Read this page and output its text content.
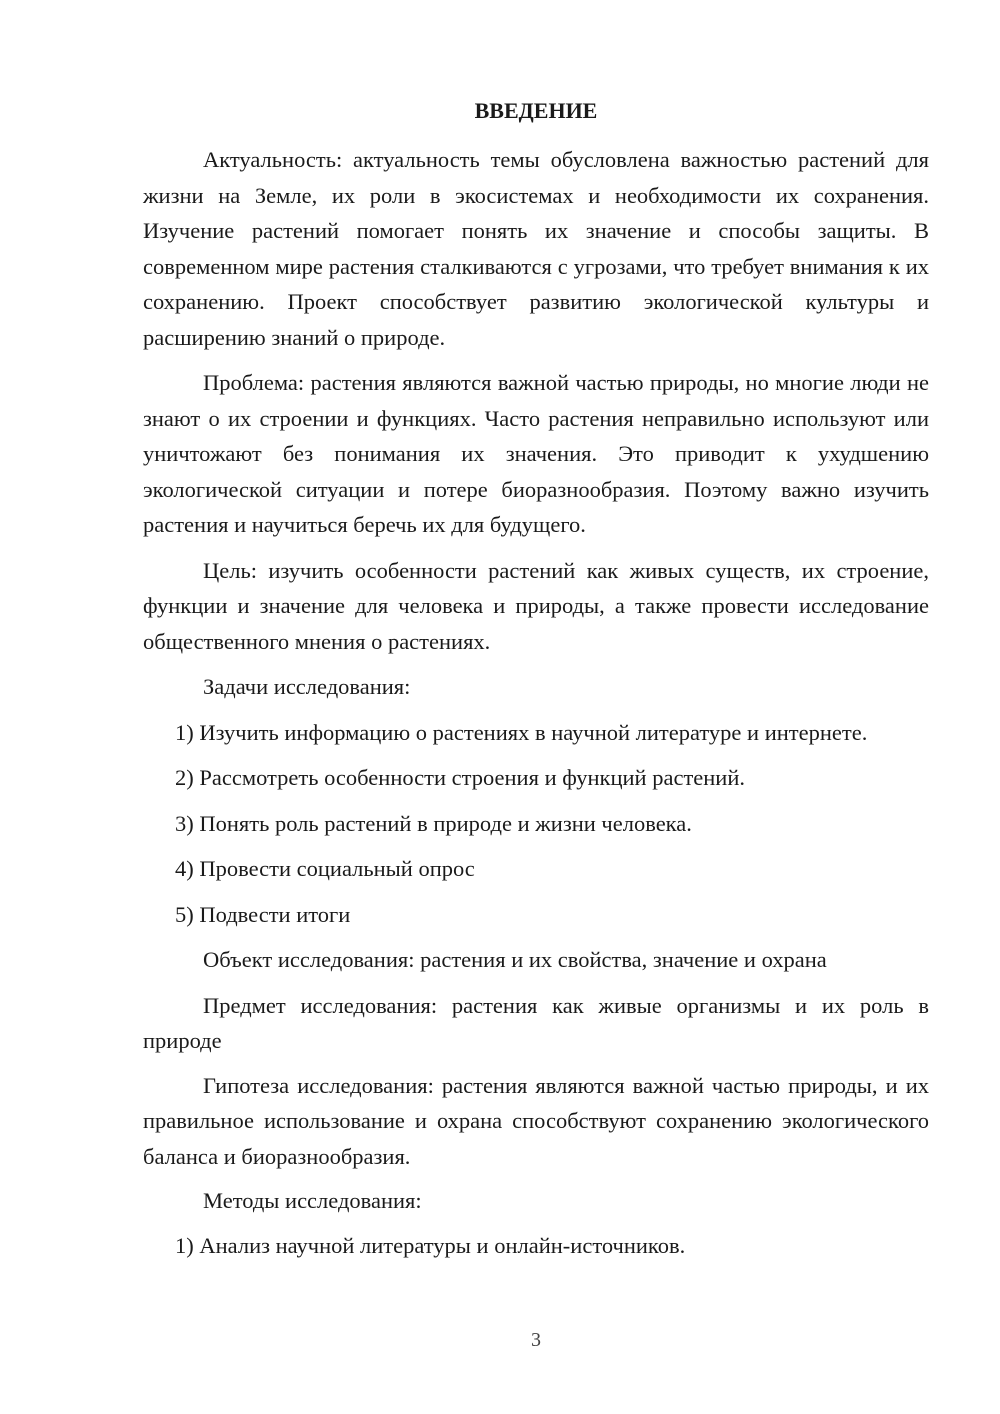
ВВЕДЕНИЕ

Актуальность: актуальность темы обусловлена важностью растений для жизни на Земле, их роли в экосистемах и необходимости их сохранения. Изучение растений помогает понять их значение и способы защиты. В современном мире растения сталкиваются с угрозами, что требует внимания к их сохранению. Проект способствует развитию экологической культуры и расширению знаний о природе.

Проблема: растения являются важной частью природы, но многие люди не знают о их строении и функциях. Часто растения неправильно используют или уничтожают без понимания их значения. Это приводит к ухудшению экологической ситуации и потере биоразнообразия. Поэтому важно изучить растения и научиться беречь их для будущего.

Цель: изучить особенности растений как живых существ, их строение, функции и значение для человека и природы, а также провести исследование общественного мнения о растениях.

Задачи исследования:

1) Изучить информацию о растениях в научной литературе и интернете.

2) Рассмотреть особенности строения и функций растений.

3) Понять роль растений в природе и жизни человека.

4) Провести социальный опрос

5) Подвести итоги

Объект исследования: растения и их свойства, значение и охрана

Предмет исследования: растения как живые организмы и их роль в природе

Гипотеза исследования: растения являются важной частью природы, и их правильное использование и охрана способствуют сохранению экологического баланса и биоразнообразия.

Методы исследования:

1) Анализ научной литературы и онлайн-источников.

3
